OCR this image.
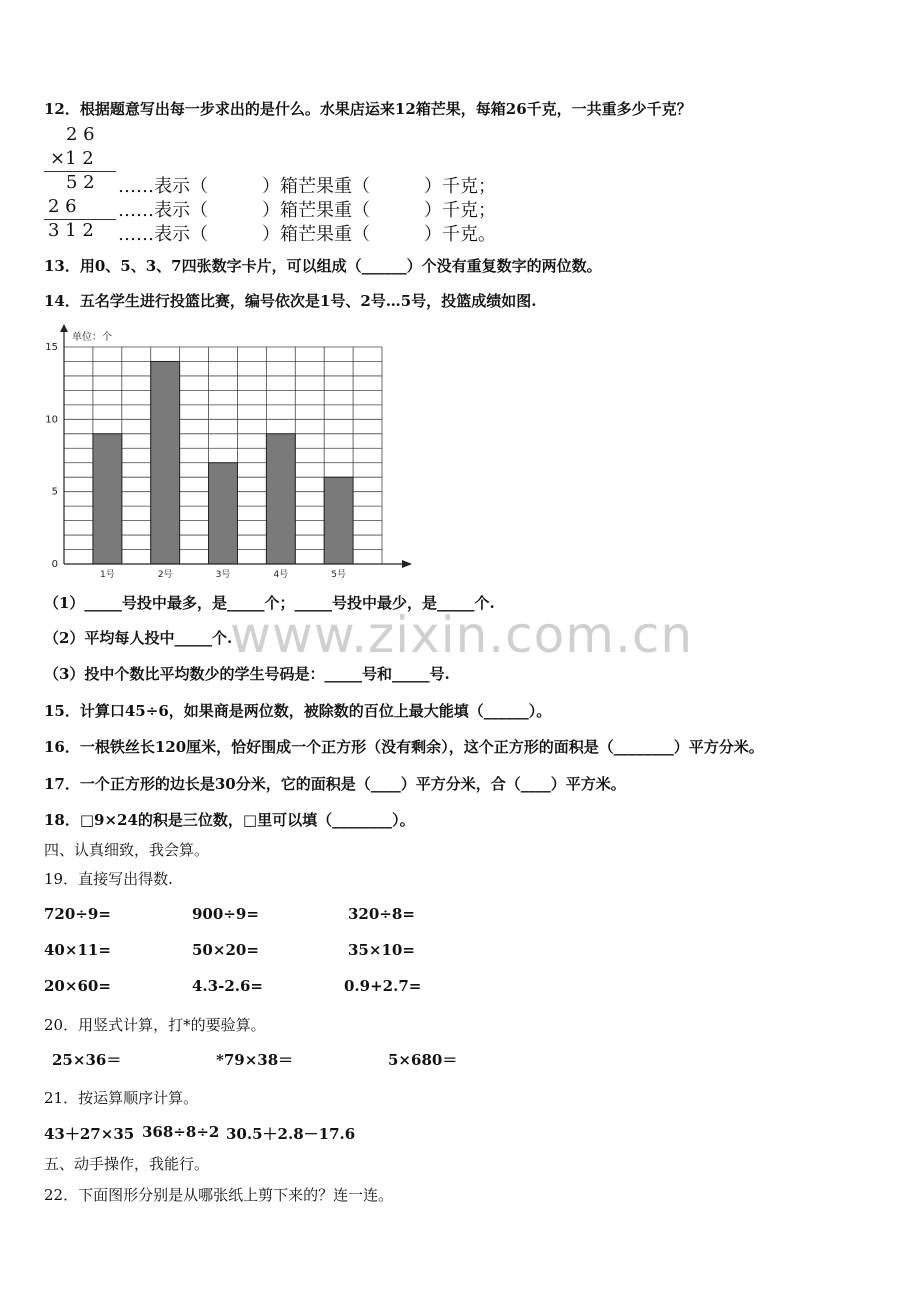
www.zixin.com.cn
12．根据题意写出每一步求出的是什么。水果店运来12箱芒果，每箱26千克，一共重多少千克？
2 6
×1 2
5 2 ……表示（　　　）箱芒果重（　　　）千克；
2 6 ……表示（　　　）箱芒果重（　　　）千克；
3 1 2 ……表示（　　　）箱芒果重（　　　）千克。
13．用0、5、3、7四张数字卡片，可以组成（______）个没有重复数字的两位数。
14．五名学生进行投篮比赛，编号依次是1号、2号…5号，投篮成绩如图.
0
5
10
15
1号	2号	3号	4号	5号
单位：个
（1）_____号投中最多，是_____个；_____号投中最少，是_____个.
（2）平均每人投中_____个.
（3）投中个数比平均数少的学生号码是：_____号和_____号.
15．计算口45÷6，如果商是两位数，被除数的百位上最大能填（______）。
16．一根铁丝长120厘米，恰好围成一个正方形（没有剩余），这个正方形的面积是（________）平方分米。
17．一个正方形的边长是30分米，它的面积是（____）平方分米，合（____）平方米。
18．□9×24的积是三位数，□里可以填（________）。
四、认真细致，我会算。
19．直接写出得数.
720÷9=	900÷9=	320÷8=
40×11=	50×20=	35×10=
20×60=	4.3-2.6=	0.9+2.7=
20．用竖式计算，打*的要验算。
25×36＝	*79×38＝	5×680＝
21．按运算顺序计算。
43＋27×35 368÷8÷2 30.5＋2.8－17.6
五、动手操作，我能行。
22．下面图形分别是从哪张纸上剪下来的？连一连。
